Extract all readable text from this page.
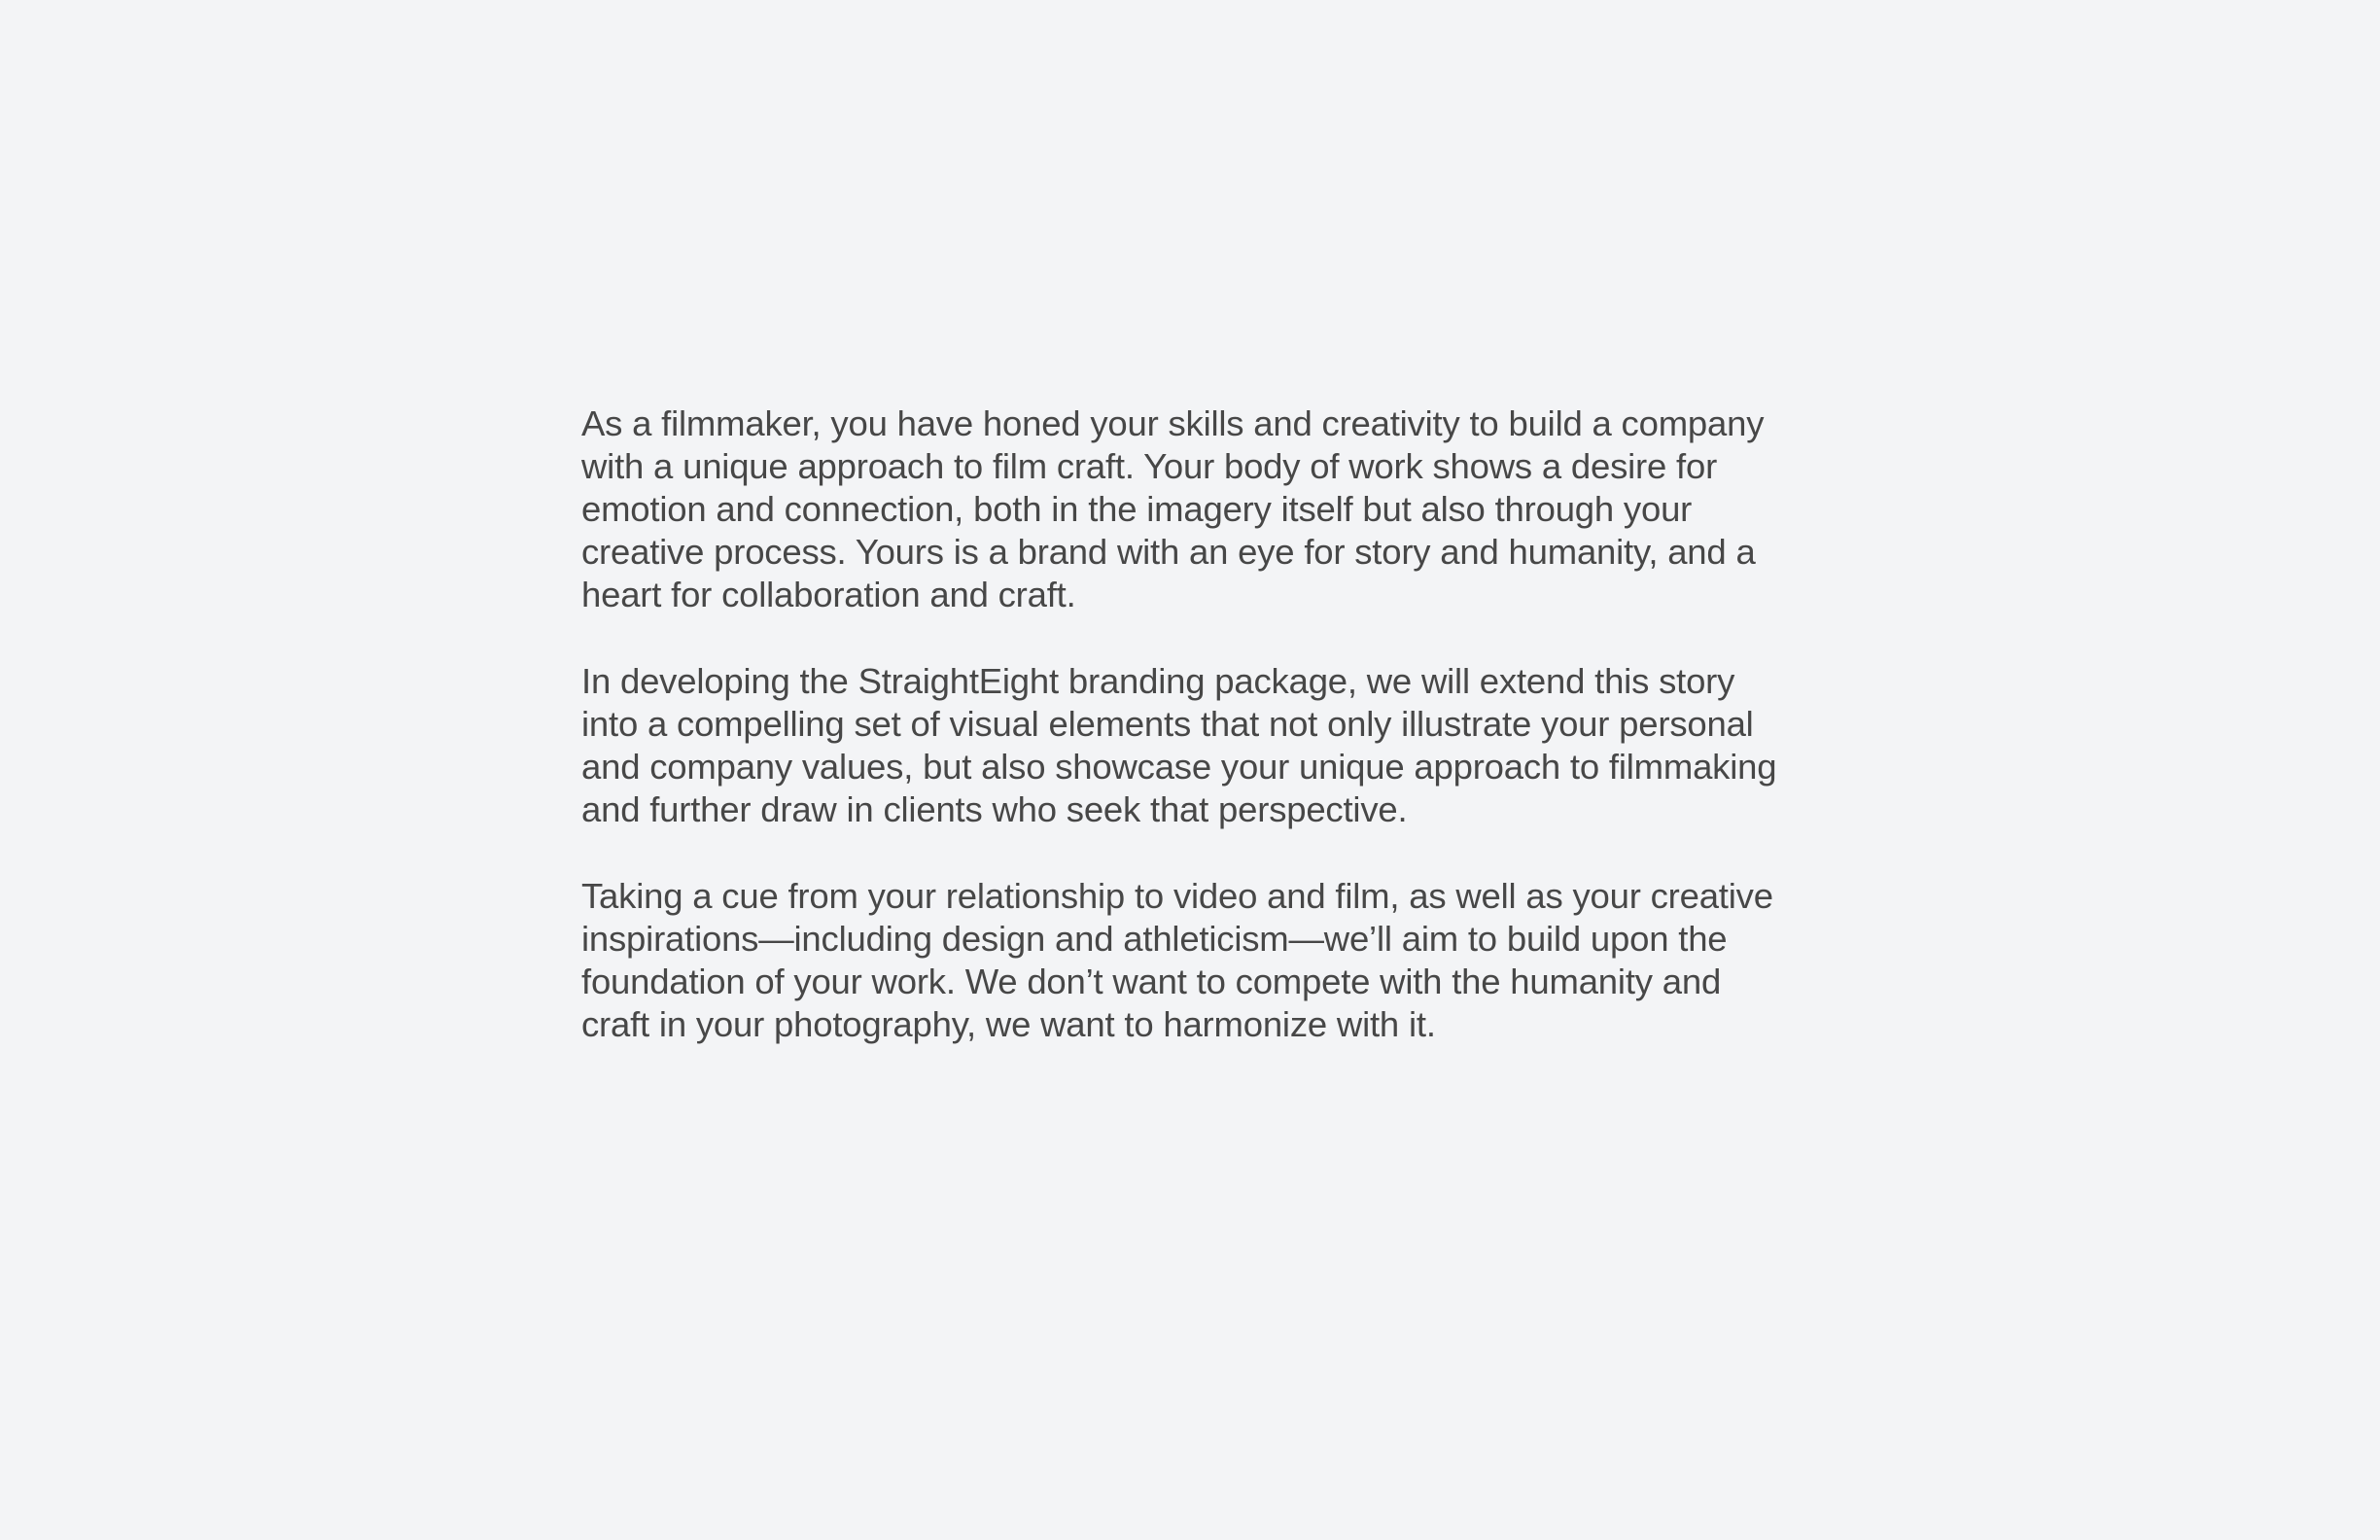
As a filmmaker, you have honed your skills and creativity to build a company
with a unique approach to film craft. Your body of work shows a desire for
emotion and connection, both in the imagery itself but also through your
creative process. Yours is a brand with an eye for story and humanity, and a
heart for collaboration and craft.

In developing the StraightEight branding package, we will extend this story
into a compelling set of visual elements that not only illustrate your personal
and company values, but also showcase your unique approach to filmmaking
and further draw in clients who seek that perspective.

Taking a cue from your relationship to video and film, as well as your creative
inspirations—including design and athleticism—we’ll aim to build upon the
foundation of your work. We don’t want to compete with the humanity and
craft in your photography, we want to harmonize with it.
